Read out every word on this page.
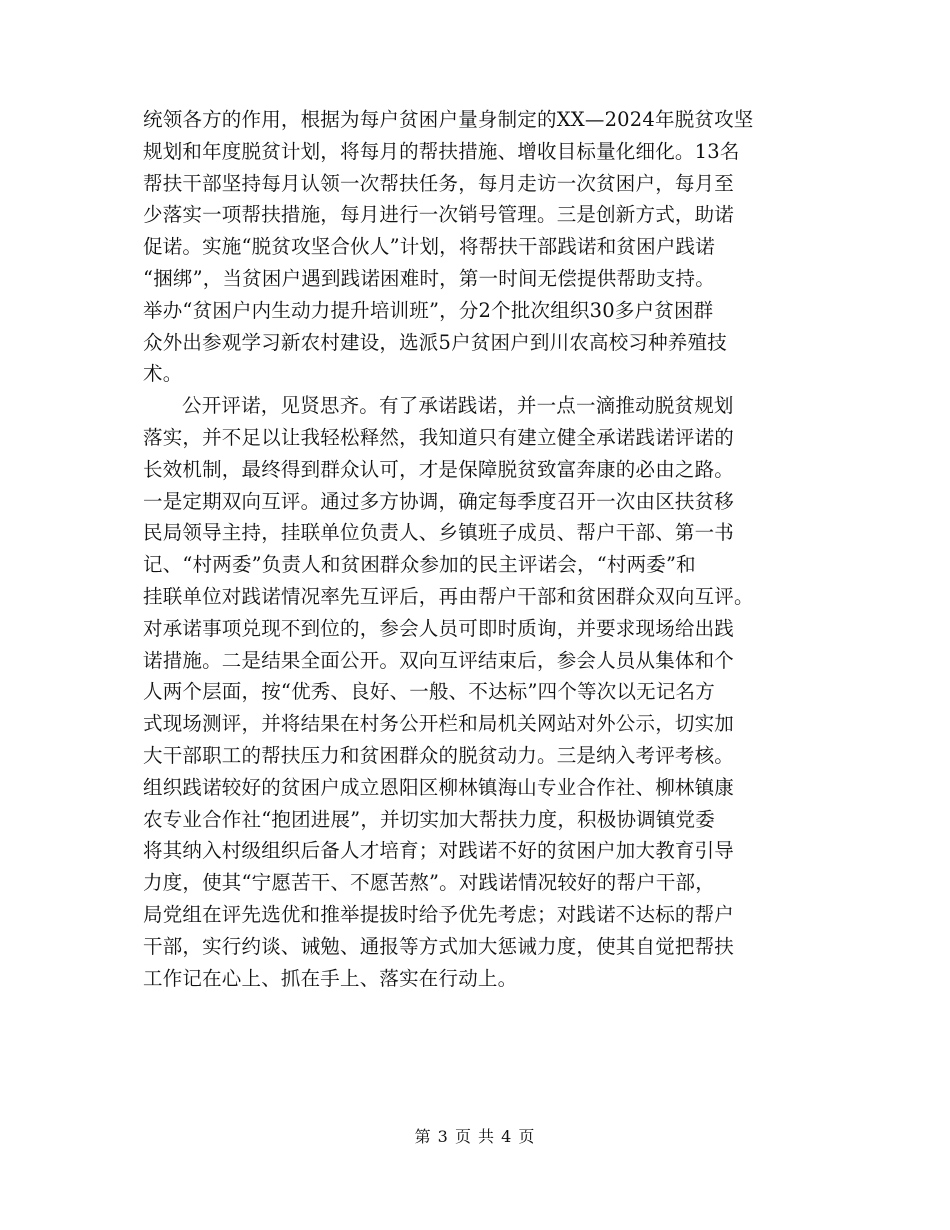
统领各方的作用，根据为每户贫困户量身制定的XX—2024年脱贫攻坚
规划和年度脱贫计划，将每月的帮扶措施、增收目标量化细化。13名
帮扶干部坚持每月认领一次帮扶任务，每月走访一次贫困户，每月至
少落实一项帮扶措施，每月进行一次销号管理。三是创新方式，助诺
促诺。实施“脱贫攻坚合伙人”计划，将帮扶干部践诺和贫困户践诺
“捆绑”，当贫困户遇到践诺困难时，第一时间无偿提供帮助支持。
举办“贫困户内生动力提升培训班”，分2个批次组织30多户贫困群
众外出参观学习新农村建设，选派5户贫困户到川农高校习种养殖技
术。
公开评诺，见贤思齐。有了承诺践诺，并一点一滴推动脱贫规划
落实，并不足以让我轻松释然，我知道只有建立健全承诺践诺评诺的
长效机制，最终得到群众认可，才是保障脱贫致富奔康的必由之路。
一是定期双向互评。通过多方协调，确定每季度召开一次由区扶贫移
民局领导主持，挂联单位负责人、乡镇班子成员、帮户干部、第一书
记、“村两委”负责人和贫困群众参加的民主评诺会，“村两委”和
挂联单位对践诺情况率先互评后，再由帮户干部和贫困群众双向互评。
对承诺事项兑现不到位的，参会人员可即时质询，并要求现场给出践
诺措施。二是结果全面公开。双向互评结束后，参会人员从集体和个
人两个层面，按“优秀、良好、一般、不达标”四个等次以无记名方
式现场测评，并将结果在村务公开栏和局机关网站对外公示，切实加
大干部职工的帮扶压力和贫困群众的脱贫动力。三是纳入考评考核。
组织践诺较好的贫困户成立恩阳区柳林镇海山专业合作社、柳林镇康
农专业合作社“抱团进展”，并切实加大帮扶力度，积极协调镇党委
将其纳入村级组织后备人才培育；对践诺不好的贫困户加大教育引导
力度，使其“宁愿苦干、不愿苦熬”。对践诺情况较好的帮户干部，
局党组在评先选优和推举提拔时给予优先考虑；对践诺不达标的帮户
干部，实行约谈、诫勉、通报等方式加大惩诫力度，使其自觉把帮扶
工作记在心上、抓在手上、落实在行动上。
第 3 页 共 4 页
